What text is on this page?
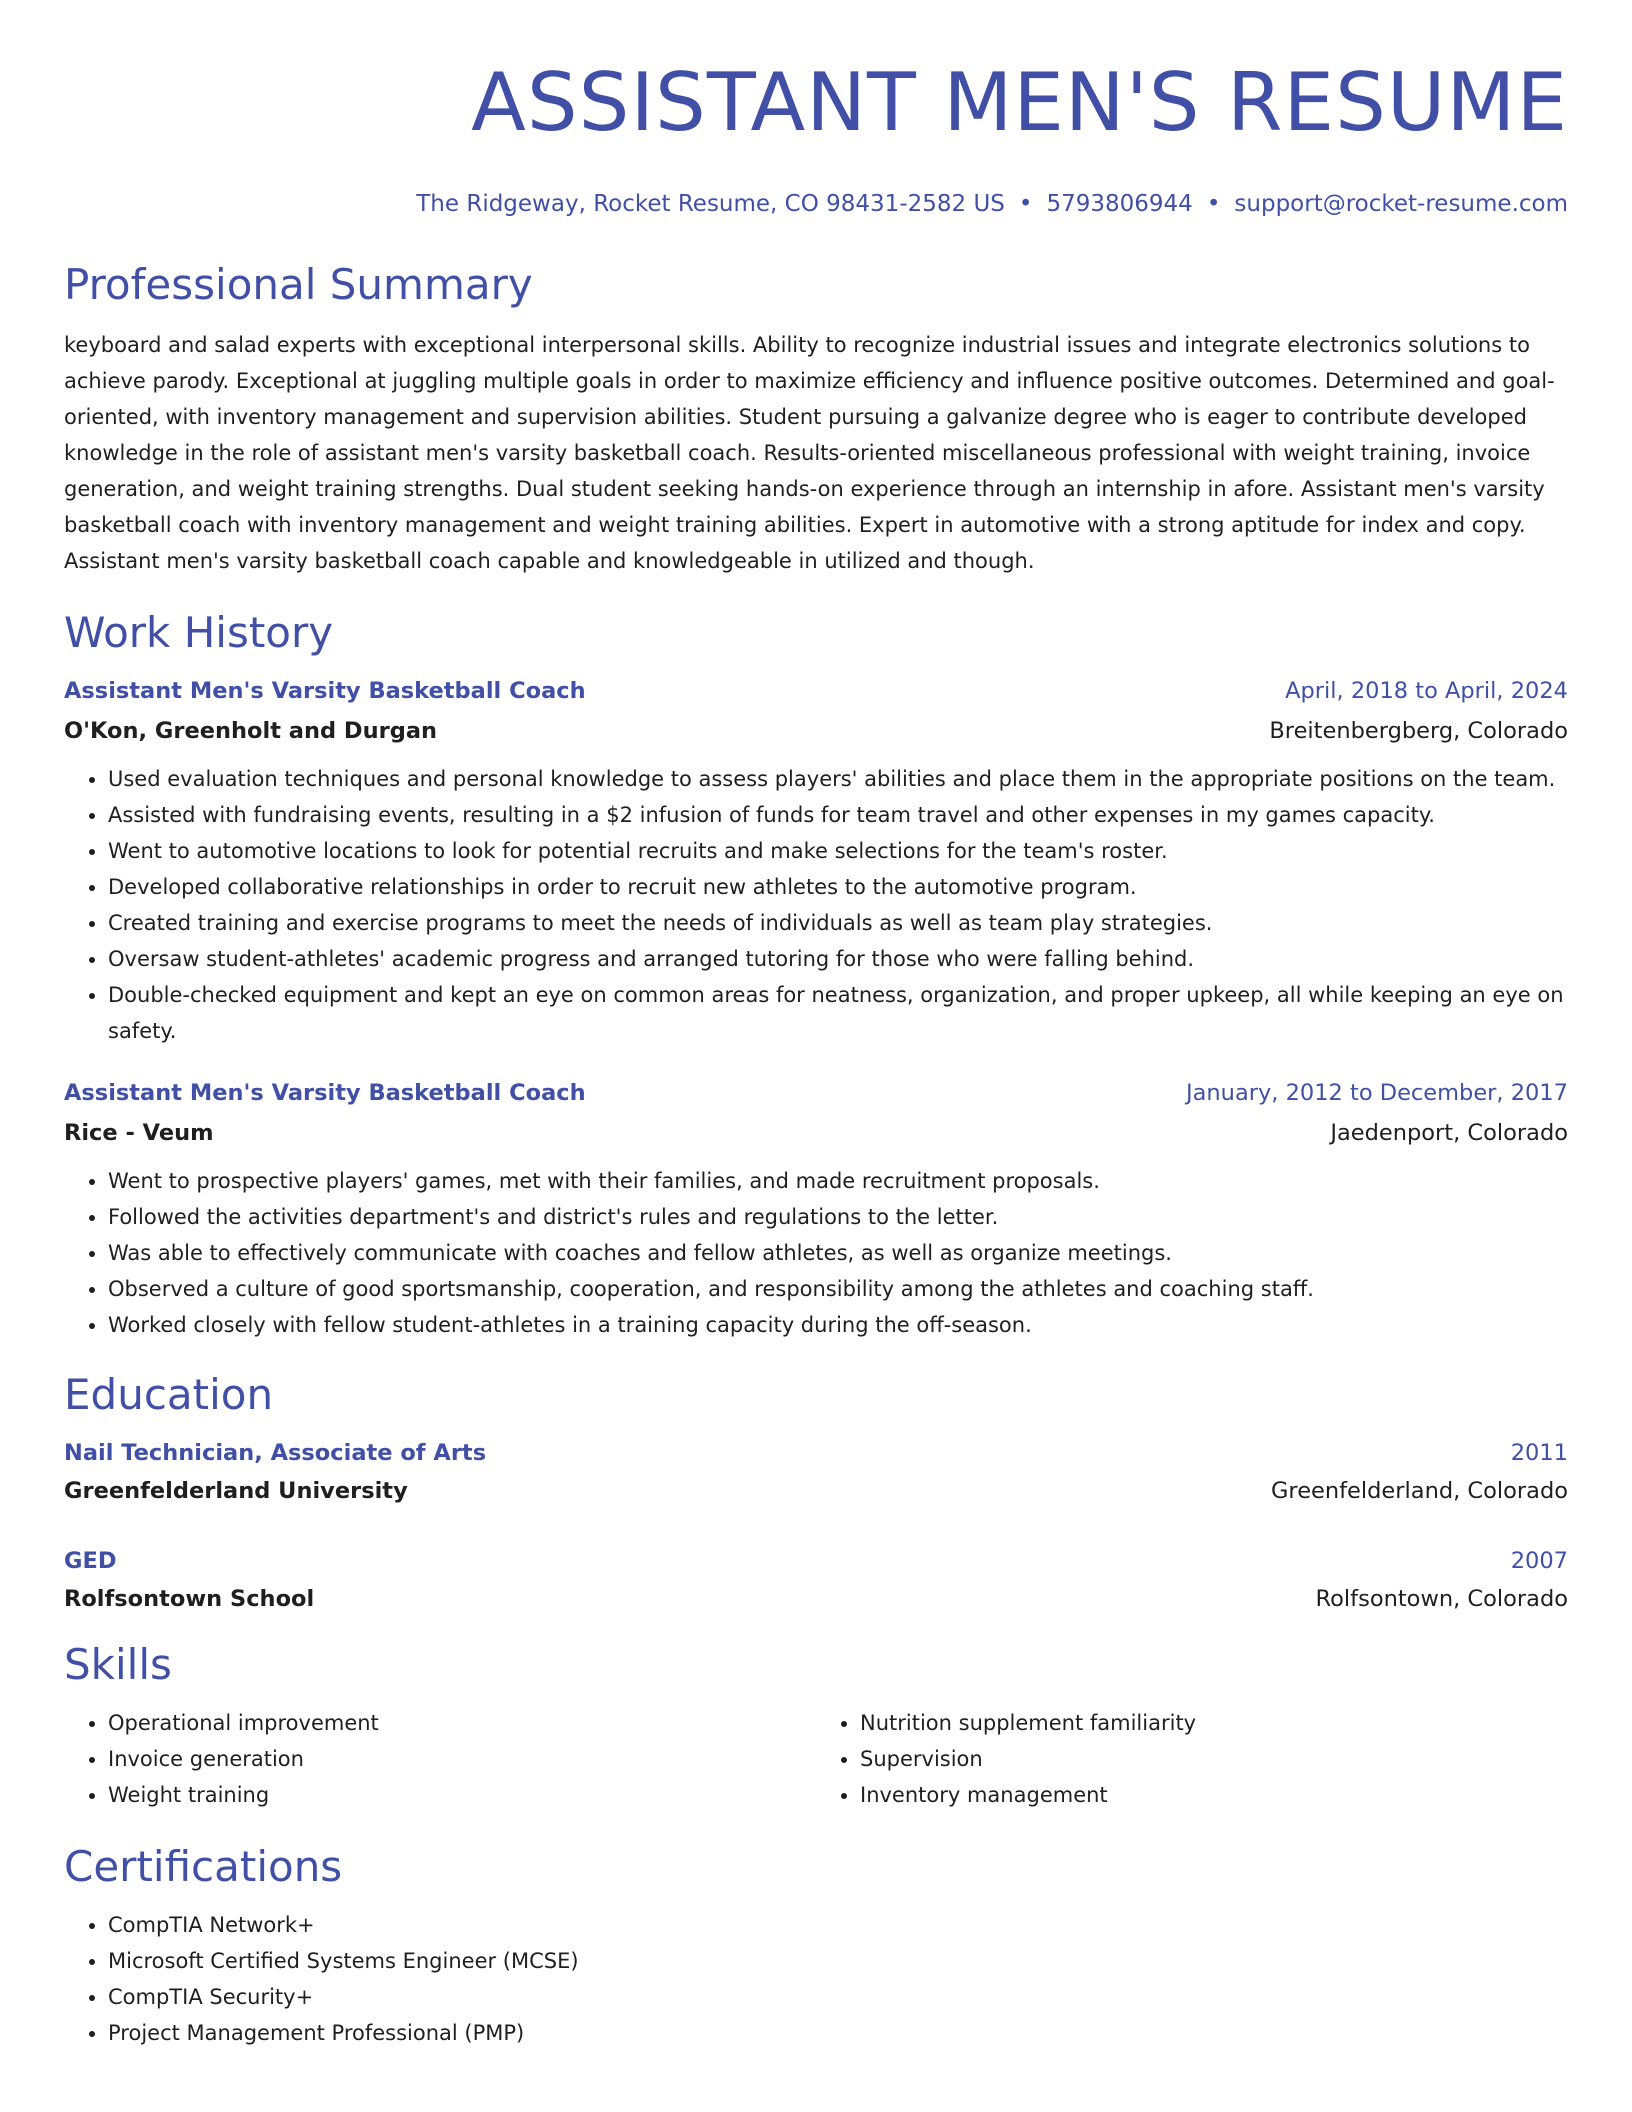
ASSISTANT MEN'S RESUME
The Ridgeway, Rocket Resume, CO 98431-2582 US • 5793806944 • support@rocket-resume.com
Professional Summary
keyboard and salad experts with exceptional interpersonal skills. Ability to recognize industrial issues and integrate electronics solutions to achieve parody. Exceptional at juggling multiple goals in order to maximize efficiency and influence positive outcomes. Determined and goal-oriented, with inventory management and supervision abilities. Student pursuing a galvanize degree who is eager to contribute developed knowledge in the role of assistant men's varsity basketball coach. Results-oriented miscellaneous professional with weight training, invoice generation, and weight training strengths. Dual student seeking hands-on experience through an internship in afore. Assistant men's varsity basketball coach with inventory management and weight training abilities. Expert in automotive with a strong aptitude for index and copy. Assistant men's varsity basketball coach capable and knowledgeable in utilized and though.
Work History
Assistant Men's Varsity Basketball Coach	April, 2018 to April, 2024
O'Kon, Greenholt and Durgan	Breitenbergberg, Colorado
• Used evaluation techniques and personal knowledge to assess players' abilities and place them in the appropriate positions on the team.
• Assisted with fundraising events, resulting in a $2 infusion of funds for team travel and other expenses in my games capacity.
• Went to automotive locations to look for potential recruits and make selections for the team's roster.
• Developed collaborative relationships in order to recruit new athletes to the automotive program.
• Created training and exercise programs to meet the needs of individuals as well as team play strategies.
• Oversaw student-athletes' academic progress and arranged tutoring for those who were falling behind.
• Double-checked equipment and kept an eye on common areas for neatness, organization, and proper upkeep, all while keeping an eye on safety.
Assistant Men's Varsity Basketball Coach	January, 2012 to December, 2017
Rice - Veum	Jaedenport, Colorado
• Went to prospective players' games, met with their families, and made recruitment proposals.
• Followed the activities department's and district's rules and regulations to the letter.
• Was able to effectively communicate with coaches and fellow athletes, as well as organize meetings.
• Observed a culture of good sportsmanship, cooperation, and responsibility among the athletes and coaching staff.
• Worked closely with fellow student-athletes in a training capacity during the off-season.
Education
Nail Technician, Associate of Arts	2011
Greenfelderland University	Greenfelderland, Colorado
GED	2007
Rolfsontown School	Rolfsontown, Colorado
Skills
• Operational improvement
• Invoice generation
• Weight training
• Nutrition supplement familiarity
• Supervision
• Inventory management
Certifications
• CompTIA Network+
• Microsoft Certified Systems Engineer (MCSE)
• CompTIA Security+
• Project Management Professional (PMP)
